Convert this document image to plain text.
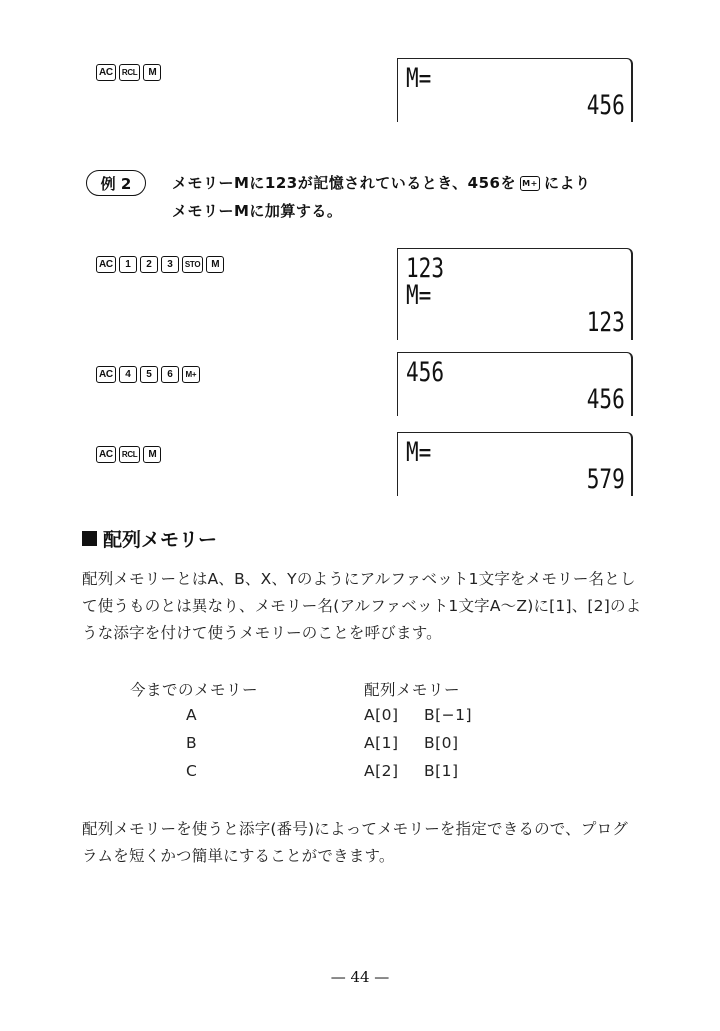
AC	RCL	M	M=
456
例 2	メモリーMに123が記憶されているとき、456を M+ により
メモリーMに加算する。
AC	1	2	3	STO	M	123
M=
123
AC	4	5	6	M+	456
456
AC	RCL	M	M=
579
配列メモリー
配列メモリーとはA、B、X、Yのようにアルファベット1文字をメモリー名として使うものとは異なり、メモリー名(アルファベット1文字A〜Z)に[1]、[2]のような添字を付けて使うメモリーのことを呼びます。
今までのメモリー	配列メモリー
A	A[0] B[−1]
B	A[1] B[0]
C	A[2] B[1]
配列メモリーを使うと添字(番号)によってメモリーを指定できるので、プログラムを短くかつ簡単にすることができます。
— 44 —
